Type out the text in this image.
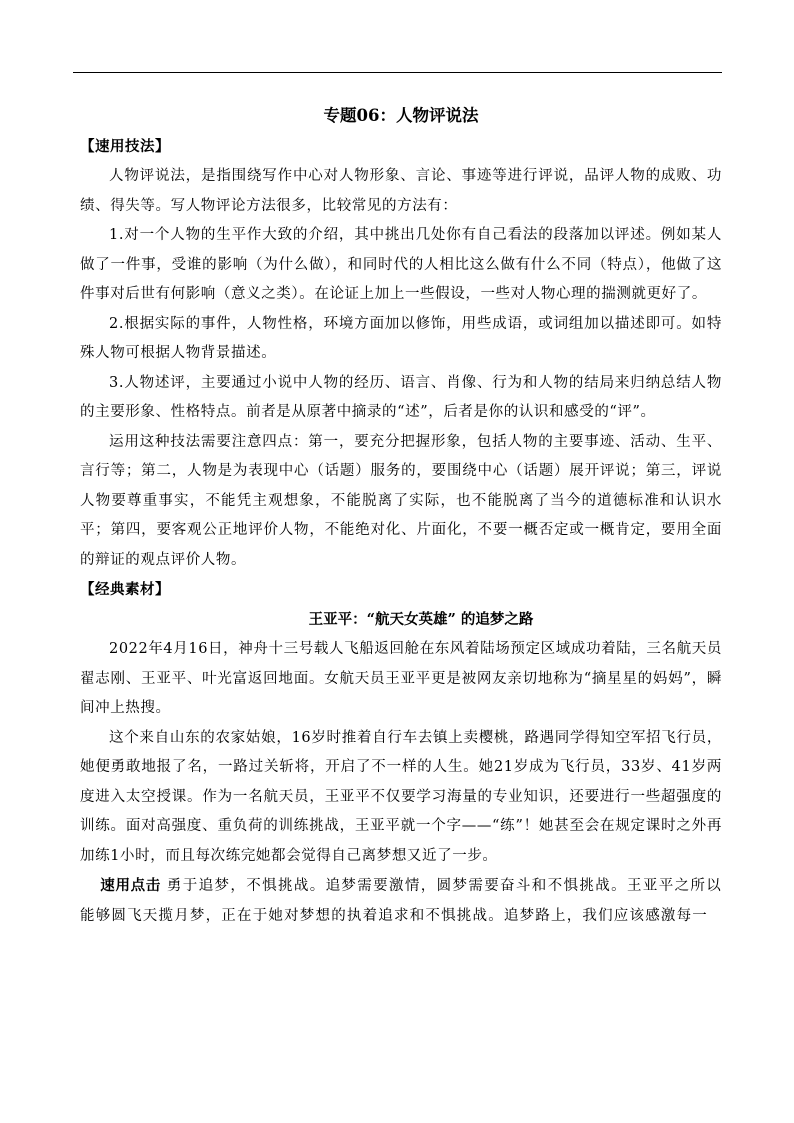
专题06：人物评说法

【速用技法】

人物评说法，是指围绕写作中心对人物形象、言论、事迹等进行评说，品评人物的成败、功绩、得失等。写人物评论方法很多，比较常见的方法有：

1.对一个人物的生平作大致的介绍，其中挑出几处你有自己看法的段落加以评述。例如某人做了一件事，受谁的影响（为什么做），和同时代的人相比这么做有什么不同（特点），他做了这件事对后世有何影响（意义之类）。在论证上加上一些假设，一些对人物心理的揣测就更好了。

2.根据实际的事件，人物性格，环境方面加以修饰，用些成语，或词组加以描述即可。如特殊人物可根据人物背景描述。

3.人物述评，主要通过小说中人物的经历、语言、肖像、行为和人物的结局来归纳总结人物的主要形象、性格特点。前者是从原著中摘录的“述”，后者是你的认识和感受的“评”。

运用这种技法需要注意四点：第一，要充分把握形象，包括人物的主要事迹、活动、生平、言行等；第二，人物是为表现中心（话题）服务的，要围绕中心（话题）展开评说；第三，评说人物要尊重事实，不能凭主观想象，不能脱离了实际，也不能脱离了当今的道德标准和认识水平；第四，要客观公正地评价人物，不能绝对化、片面化，不要一概否定或一概肯定，要用全面的辩证的观点评价人物。

【经典素材】

王亚平：“航天女英雄” 的追梦之路

2022年4月16日，神舟十三号载人飞船返回舱在东风着陆场预定区域成功着陆，三名航天员翟志刚、王亚平、叶光富返回地面。女航天员王亚平更是被网友亲切地称为“摘星星的妈妈”，瞬间冲上热搜。

这个来自山东的农家姑娘，16岁时推着自行车去镇上卖樱桃，路遇同学得知空军招飞行员，她便勇敢地报了名，一路过关斩将，开启了不一样的人生。她21岁成为飞行员，33岁、41岁两度进入太空授课。作为一名航天员，王亚平不仅要学习海量的专业知识，还要进行一些超强度的训练。面对高强度、重负荷的训练挑战，王亚平就一个字——“练”！她甚至会在规定课时之外再加练1小时，而且每次练完她都会觉得自己离梦想又近了一步。

速用点击 勇于追梦，不惧挑战。追梦需要激情，圆梦需要奋斗和不惧挑战。王亚平之所以能够圆飞天揽月梦，正在于她对梦想的执着追求和不惧挑战。追梦路上，我们应该感激每一
